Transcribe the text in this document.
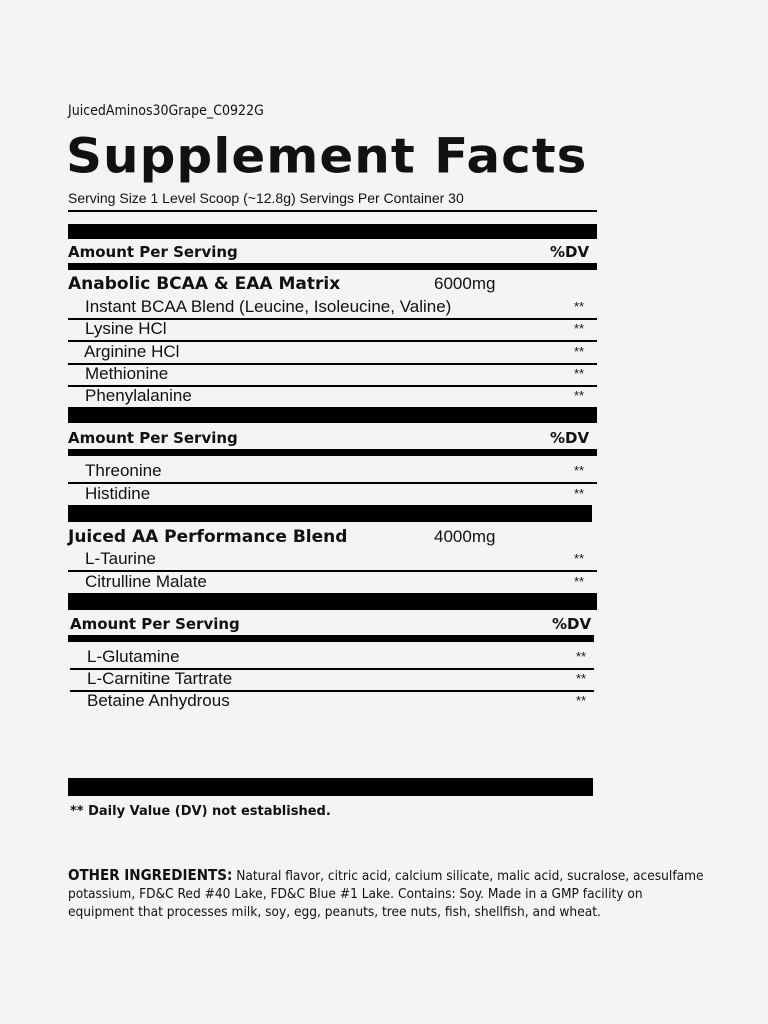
JuicedAminos30Grape_C0922G
Supplement Facts
Serving Size 1 Level Scoop (~12.8g) Servings Per Container 30
Amount Per Serving	%DV
Anabolic BCAA & EAA Matrix	6000mg
Instant BCAA Blend (Leucine, Isoleucine, Valine)	**
Lysine HCl	**
Arginine HCl	**
Methionine	**
Phenylalanine	**
Amount Per Serving	%DV
Threonine	**
Histidine	**
Juiced AA Performance Blend	4000mg
L-Taurine	**
Citrulline Malate	**
Amount Per Serving	%DV
L-Glutamine	**
L-Carnitine Tartrate	**
Betaine Anhydrous	**
** Daily Value (DV) not established.
OTHER INGREDIENTS: Natural flavor, citric acid, calcium silicate, malic acid, sucralose, acesulfame potassium, FD&C Red #40 Lake, FD&C Blue #1 Lake. Contains: Soy. Made in a GMP facility on equipment that processes milk, soy, egg, peanuts, tree nuts, fish, shellfish, and wheat.
